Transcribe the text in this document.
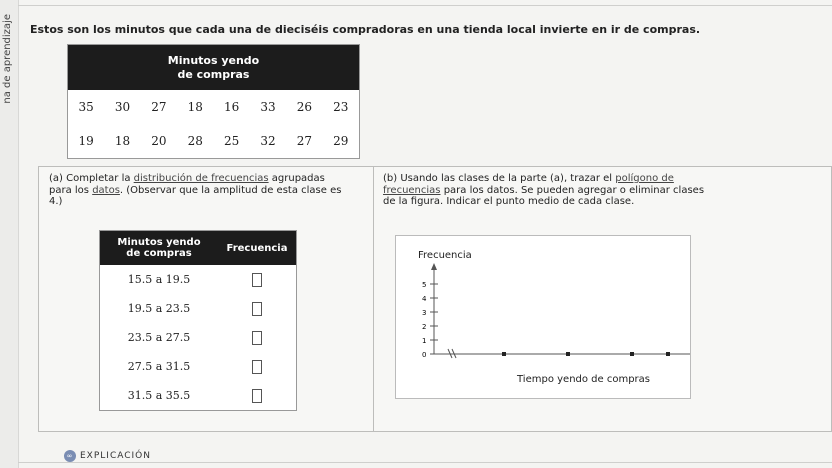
na de aprendizaje Estos son los minutos que cada una de dieciséis compradoras en una tienda local invierte en ir de compras.
Minutos yendo
de compras
35 30 27 18 16 33 26 23
19 18 20 28 25 32 27 29
(a) Completar la distribución de frecuencias agrupadas para los datos. (Observar que la amplitud de esta clase es 4.)
Minutos yendo
de compras	Frecuencia
15.5 a 19.5
19.5 a 23.5
23.5 a 27.5
27.5 a 31.5
31.5 a 35.5
(b) Usando las clases de la parte (a), trazar el polígono de frecuencias para los datos. Se pueden agregar o eliminar clases de la figura. Indicar el punto medio de cada clase.
Frecuencia
0
1
2
3
4
5
Tiempo yendo de compras
∞ EXPLICACIÓN
